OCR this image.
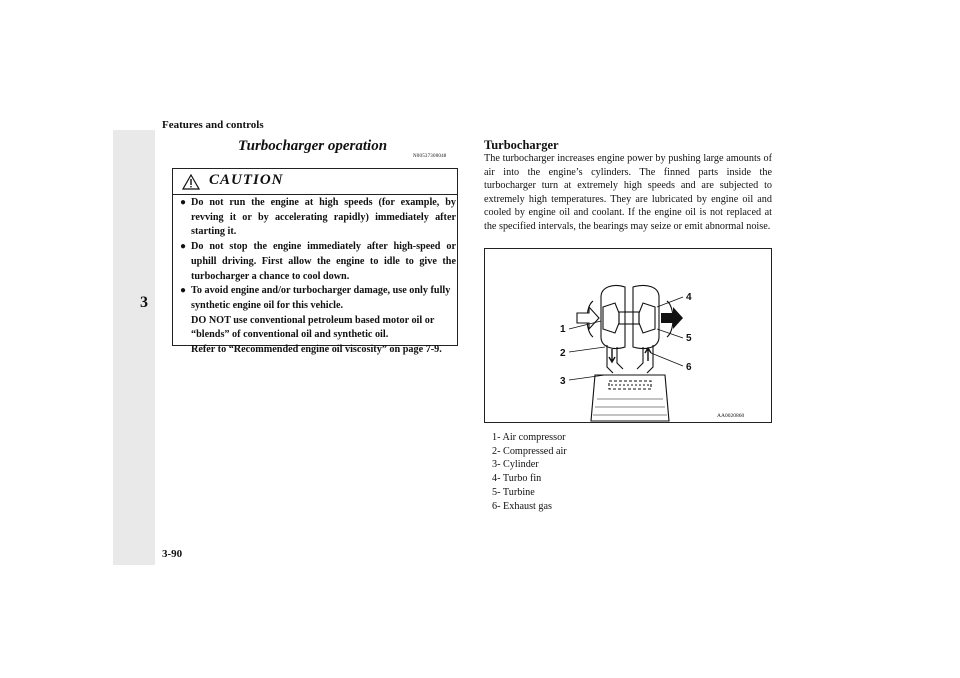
3
Features and controls
3-90
Turbocharger operation
N00537300048
CAUTION
● Do not run the engine at high speeds (for example, by revving it or by accelerating rapidly) immediately after starting it.
● Do not stop the engine immediately after high-speed or uphill driving. First allow the engine to idle to give the turbocharger a chance to cool down.
● To avoid engine and/or turbocharger damage, use only fully synthetic engine oil for this vehicle.
DO NOT use conventional petroleum based motor oil or “blends” of conventional oil and synthetic oil.
Refer to “Recommended engine oil viscosity” on page 7-9.
Turbocharger
The turbocharger increases engine power by pushing large amounts of air into the engine’s cylinders. The finned parts inside the turbocharger turn at extremely high speeds and are subjected to extremely high temperatures. They are lubricated by engine oil and cooled by engine oil and coolant. If the engine oil is not replaced at the specified intervals, the bearings may seize or emit abnormal noise.
1
2
3
4
5
6
AA0020860
1- Air compressor
2- Compressed air
3- Cylinder
4- Turbo fin
5- Turbine
6- Exhaust gas
